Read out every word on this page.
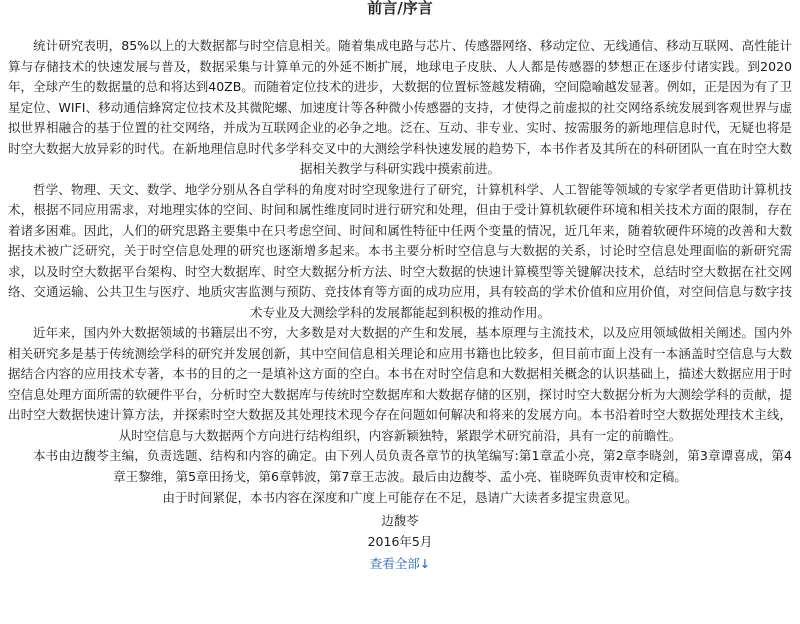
前言/序言

统计研究表明，85%以上的大数据都与时空信息相关。随着集成电路与芯片、传感器网络、移动定位、无线通信、移动互联网、高性能计算与存储技术的快速发展与普及，数据采集与计算单元的外延不断扩展，地球电子皮肤、人人都是传感器的梦想正在逐步付诸实践。到2020年，全球产生的数据量的总和将达到40ZB。而随着定位技术的进步，大数据的位置标签越发精确，空间隐喻越发显著。例如，正是因为有了卫星定位、WIFI、移动通信蜂窝定位技术及其微陀螺、加速度计等各种微小传感器的支持，才使得之前虚拟的社交网络系统发展到客观世界与虚拟世界相融合的基于位置的社交网络，并成为互联网企业的必争之地。泛在、互动、非专业、实时、按需服务的新地理信息时代，无疑也将是时空大数据大放异彩的时代。在新地理信息时代多学科交叉中的大测绘学科快速发展的趋势下，本书作者及其所在的科研团队一直在时空大数据相关教学与科研实践中摸索前进。

哲学、物理、天文、数学、地学分别从各自学科的角度对时空现象进行了研究，计算机科学、人工智能等领域的专家学者更借助计算机技术，根据不同应用需求，对地理实体的空间、时间和属性维度同时进行研究和处理，但由于受计算机软硬件环境和相关技术方面的限制，存在着诸多困难。因此，人们的研究思路主要集中在只考虑空间、时间和属性特征中任两个变量的情况，近几年来，随着软硬件环境的改善和大数据技术被广泛研究，关于时空信息处理的研究也逐渐增多起来。本书主要分析时空信息与大数据的关系，讨论时空信息处理面临的新研究需求，以及时空大数据平台架构、时空大数据库、时空大数据分析方法、时空大数据的快速计算模型等关键解决技术，总结时空大数据在社交网络、交通运输、公共卫生与医疗、地质灾害监测与预防、竞技体育等方面的成功应用，具有较高的学术价值和应用价值，对空间信息与数字技术专业及大测绘学科的发展都能起到积极的推动作用。

近年来，国内外大数据领域的书籍层出不穷，大多数是对大数据的产生和发展，基本原理与主流技术，以及应用领域做相关阐述。国内外相关研究多是基于传统测绘学科的研究并发展创新，其中空间信息相关理论和应用书籍也比较多，但目前市面上没有一本涵盖时空信息与大数据结合内容的应用技术专著，本书的目的之一是填补这方面的空白。本书在对时空信息和大数据相关概念的认识基础上，描述大数据应用于时空信息处理方面所需的软硬件平台，分析时空大数据库与传统时空数据库和大数据存储的区别，探讨时空大数据分析为大测绘学科的贡献，提出时空大数据快速计算方法，并探索时空大数据及其处理技术现今存在问题如何解决和将来的发展方向。本书沿着时空大数据处理技术主线，从时空信息与大数据两个方向进行结构组织，内容新颖独特，紧跟学术研究前沿，具有一定的前瞻性。

本书由边馥苓主编，负责选题、结构和内容的确定。由下列人员负责各章节的执笔编写:第1章孟小亮，第2章李晓剑，第3章谭喜成，第4章王黎维，第5章田扬戈，第6章韩波，第7章王志波。最后由边馥苓、孟小亮、崔晓晖负责审校和定稿。

由于时间紧促，本书内容在深度和广度上可能存在不足，恳请广大读者多提宝贵意见。

边馥苓

2016年5月

查看全部↓
